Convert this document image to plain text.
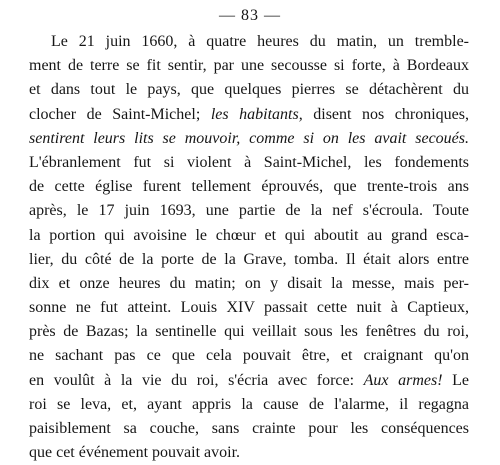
— 83 —
Le 21 juin 1660, à quatre heures du matin, un tremble-
ment de terre se fit sentir, par une secousse si forte, à Bordeaux
et dans tout le pays, que quelques pierres se détachèrent du
clocher de Saint-Michel; les habitants, disent nos chroniques,
sentirent leurs lits se mouvoir, comme si on les avait secoués.
L'ébranlement fut si violent à Saint-Michel, les fondements
de cette église furent tellement éprouvés, que trente-trois ans
après, le 17 juin 1693, une partie de la nef s'écroula. Toute
la portion qui avoisine le chœur et qui aboutit au grand esca-
lier, du côté de la porte de la Grave, tomba. Il était alors entre
dix et onze heures du matin; on y disait la messe, mais per-
sonne ne fut atteint. Louis XIV passait cette nuit à Captieux,
près de Bazas; la sentinelle qui veillait sous les fenêtres du roi,
ne sachant pas ce que cela pouvait être, et craignant qu'on
en voulût à la vie du roi, s'écria avec force: Aux armes! Le
roi se leva, et, ayant appris la cause de l'alarme, il regagna
paisiblement sa couche, sans crainte pour les conséquences
que cet événement pouvait avoir.
